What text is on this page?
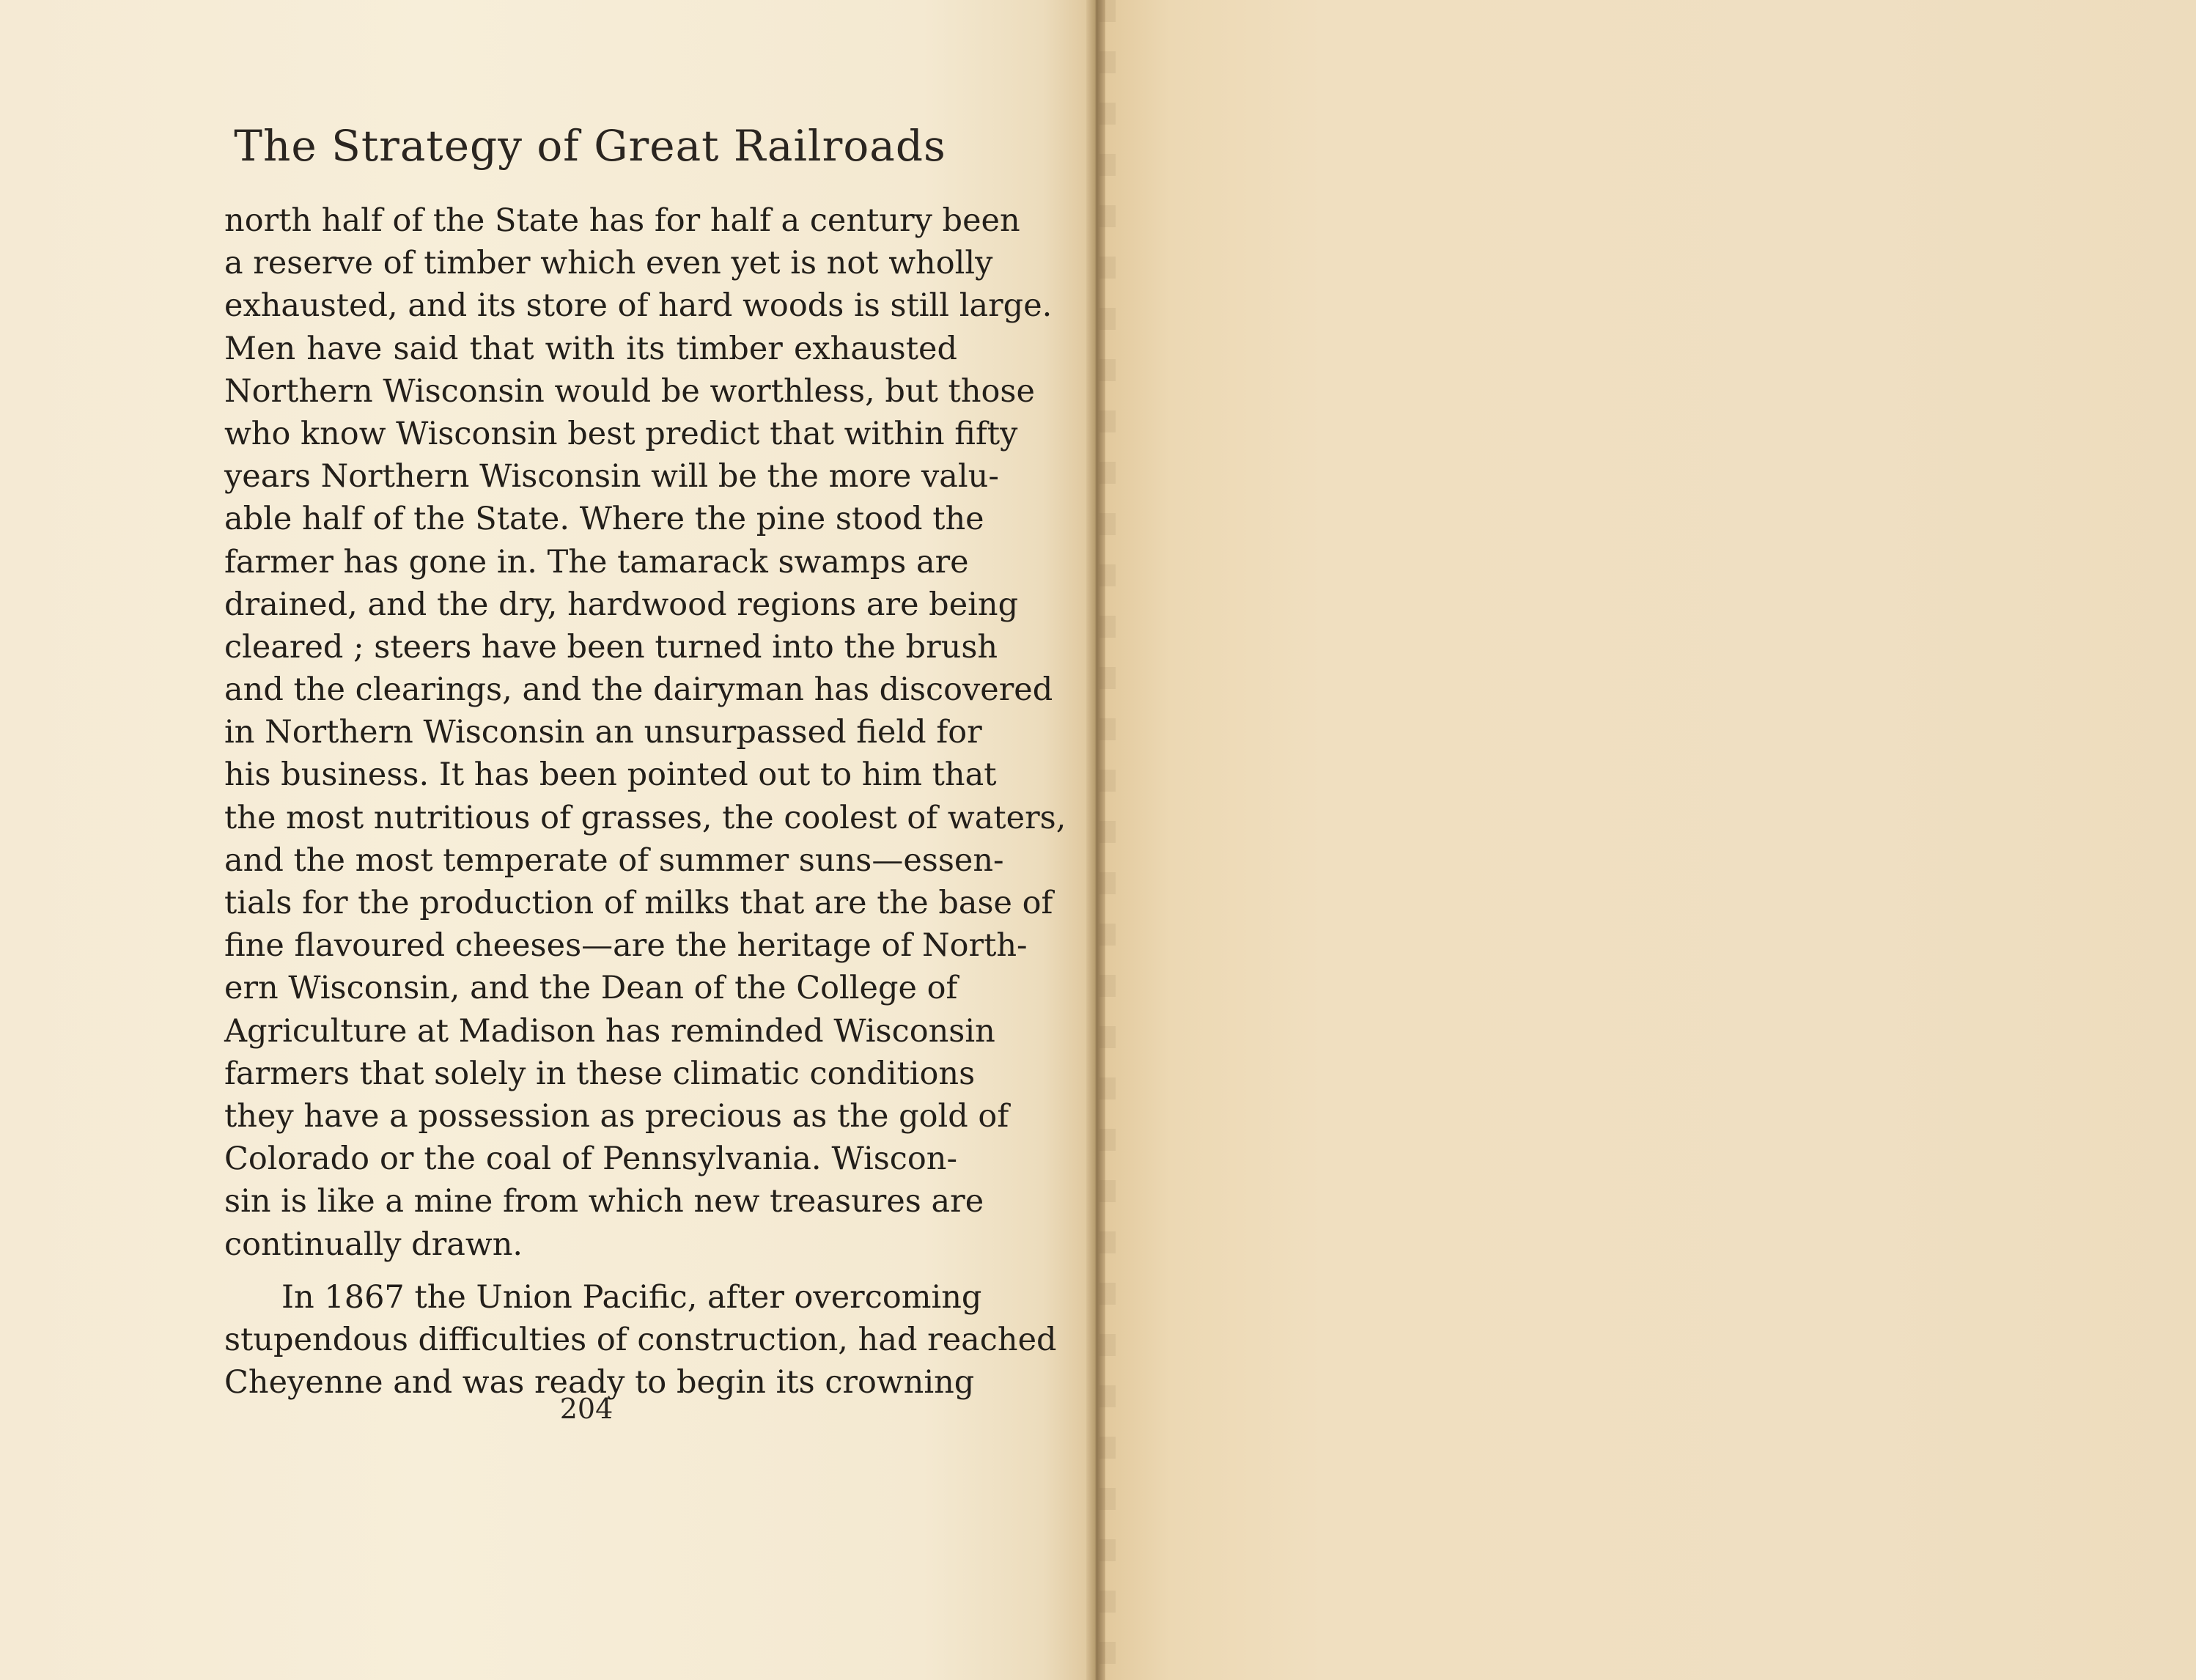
The Strategy of Great Railroads
north half of the State has for half a century been
a reserve of timber which even yet is not wholly
exhausted, and its store of hard woods is still large.
Men have said that with its timber exhausted
Northern Wisconsin would be worthless, but those
who know Wisconsin best predict that within fifty
years Northern Wisconsin will be the more valu-
able half of the State. Where the pine stood the
farmer has gone in. The tamarack swamps are
drained, and the dry, hardwood regions are being
cleared ; steers have been turned into the brush
and the clearings, and the dairyman has discovered
in Northern Wisconsin an unsurpassed field for
his business. It has been pointed out to him that
the most nutritious of grasses, the coolest of waters,
and the most temperate of summer suns—essen-
tials for the production of milks that are the base of
fine flavoured cheeses—are the heritage of North-
ern Wisconsin, and the Dean of the College of
Agriculture at Madison has reminded Wisconsin
farmers that solely in these climatic conditions
they have a possession as precious as the gold of
Colorado or the coal of Pennsylvania. Wiscon-
sin is like a mine from which new treasures are
continually drawn.
In 1867 the Union Pacific, after overcoming
stupendous difficulties of construction, had reached
Cheyenne and was ready to begin its crowning
204
